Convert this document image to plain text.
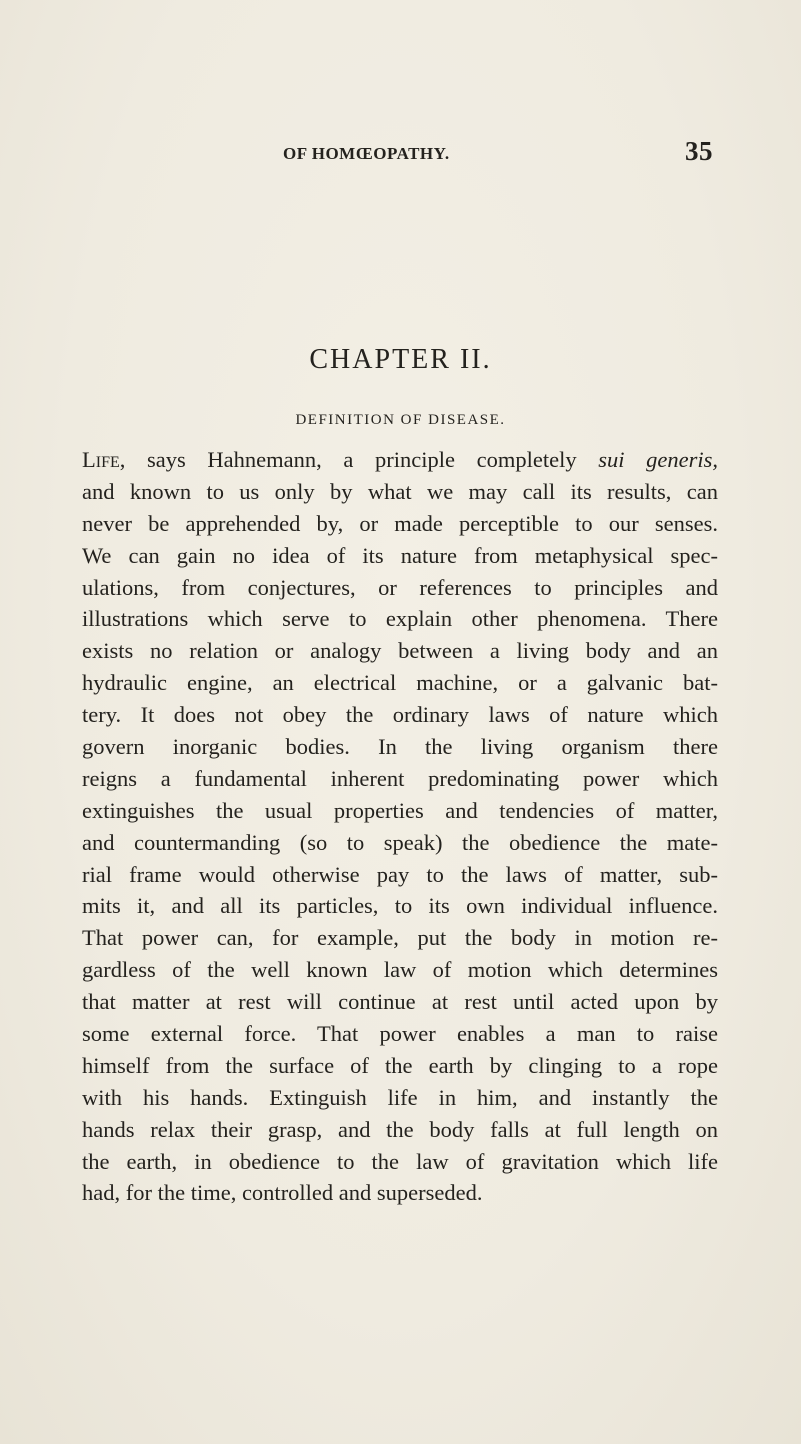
OF HOMŒOPATHY.	35
CHAPTER II.
DEFINITION OF DISEASE.
Life, says Hahnemann, a principle completely sui generis,
and known to us only by what we may call its results, can
never be apprehended by, or made perceptible to our senses.
We can gain no idea of its nature from metaphysical spec-
ulations, from conjectures, or references to principles and
illustrations which serve to explain other phenomena. There
exists no relation or analogy between a living body and an
hydraulic engine, an electrical machine, or a galvanic bat-
tery. It does not obey the ordinary laws of nature which
govern inorganic bodies. In the living organism there
reigns a fundamental inherent predominating power which
extinguishes the usual properties and tendencies of matter,
and countermanding (so to speak) the obedience the mate-
rial frame would otherwise pay to the laws of matter, sub-
mits it, and all its particles, to its own individual influence.
That power can, for example, put the body in motion re-
gardless of the well known law of motion which determines
that matter at rest will continue at rest until acted upon by
some external force. That power enables a man to raise
himself from the surface of the earth by clinging to a rope
with his hands. Extinguish life in him, and instantly the
hands relax their grasp, and the body falls at full length on
the earth, in obedience to the law of gravitation which life
had, for the time, controlled and superseded.
